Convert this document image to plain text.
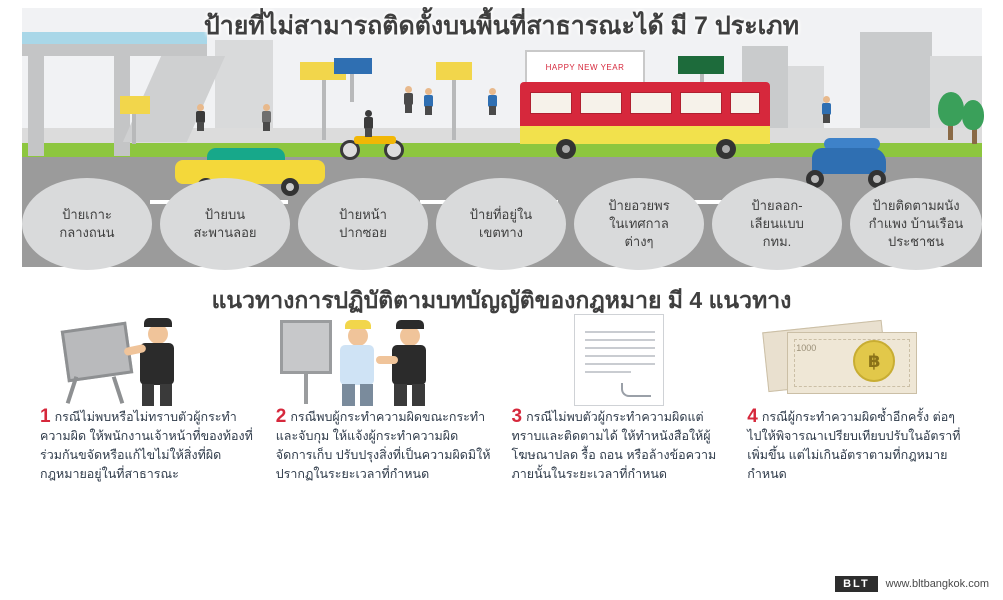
HAPPY NEW YEAR
ป้ายที่ไม่สามารถติดตั้งบนพื้นที่สาธารณะได้ มี 7 ประเภท
ป้ายเกาะ
กลางถนน
ป้ายบน
สะพานลอย
ป้ายหน้า
ปากซอย
ป้ายที่อยู่ใน
เขตทาง
ป้ายอวยพร
ในเทศกาล
ต่างๆ
ป้ายลอก-
เลียนแบบ
กทม.
ป้ายติดตามผนัง
กำแพง บ้านเรือน
ประชาชน
แนวทางการปฏิบัติตามบทบัญญัติของกฎหมาย มี 4 แนวทาง
1 กรณีไม่พบหรือไม่ทราบตัวผู้กระทำความผิด ให้พนักงานเจ้าหน้าที่ของท้องที่ร่วมกันขจัดหรือแก้ไขไม่ให้สิ่งที่ผิดกฎหมายอยู่ในที่สาธารณะ
2 กรณีพบผู้กระทำความผิดขณะกระทำและจับกุม ให้แจ้งผู้กระทำความผิดจัดการเก็บ ปรับปรุงสิ่งที่เป็นความผิดมิให้ปรากฏในระยะเวลาที่กำหนด
3 กรณีไม่พบตัวผู้กระทำความผิดแต่ทราบและติดตามได้ ให้ทำหนังสือให้ผู้โฆษณาปลด รื้อ ถอน หรือล้างข้อความ ภายนั้นในระยะเวลาที่กำหนด
1000
฿
4 กรณีผู้กระทำความผิดซ้ำอีกครั้ง ต่อๆ ไปให้พิจารณาเปรียบเทียบปรับในอัตราที่เพิ่มขึ้น แต่ไม่เกินอัตราตามที่กฎหมายกำหนด
BLT	www.bltbangkok.com
